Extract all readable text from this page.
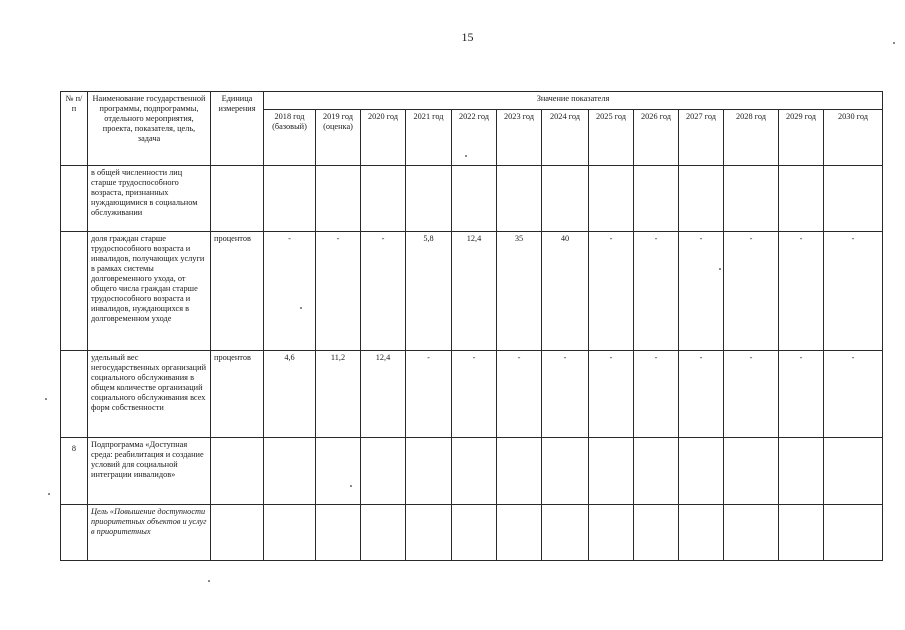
15
№ п/п	Наименование государственной программы, подпрограммы, отдельного мероприятия, проекта, показателя, цель, задача	Единица измерения	Значение показателя												
			2018 год (базовый)	2019 год (оценка)	2020 год	2021 год	2022 год	2023 год	2024 год	2025 год	2026 год	2027 год	2028 год	2029 год	2030 год
	в общей численности лиц старше трудоспособного возраста, признанных нуждающимися в социальном обслуживании														
	доля граждан старше трудоспособного возраста и инвалидов, получающих услуги в рамках системы долговременного ухода, от общего числа граждан старше трудоспособного возраста и инвалидов, нуждающихся в долговременном уходе	процентов	-	-	-	5,8	12,4	35	40	-	-	-	-	-	-
	удельный вес негосударственных организаций социального обслуживания в общем количестве организаций социального обслуживания всех форм собственности	процентов	4,6	11,2	12,4	-	-	-	-	-	-	-	-	-	-
8	Подпрограмма «Доступная среда: реабилитация и создание условий для социальной интеграции инвалидов»														
	Цель «Повышение доступности приоритетных объектов и услуг в приоритетных														
